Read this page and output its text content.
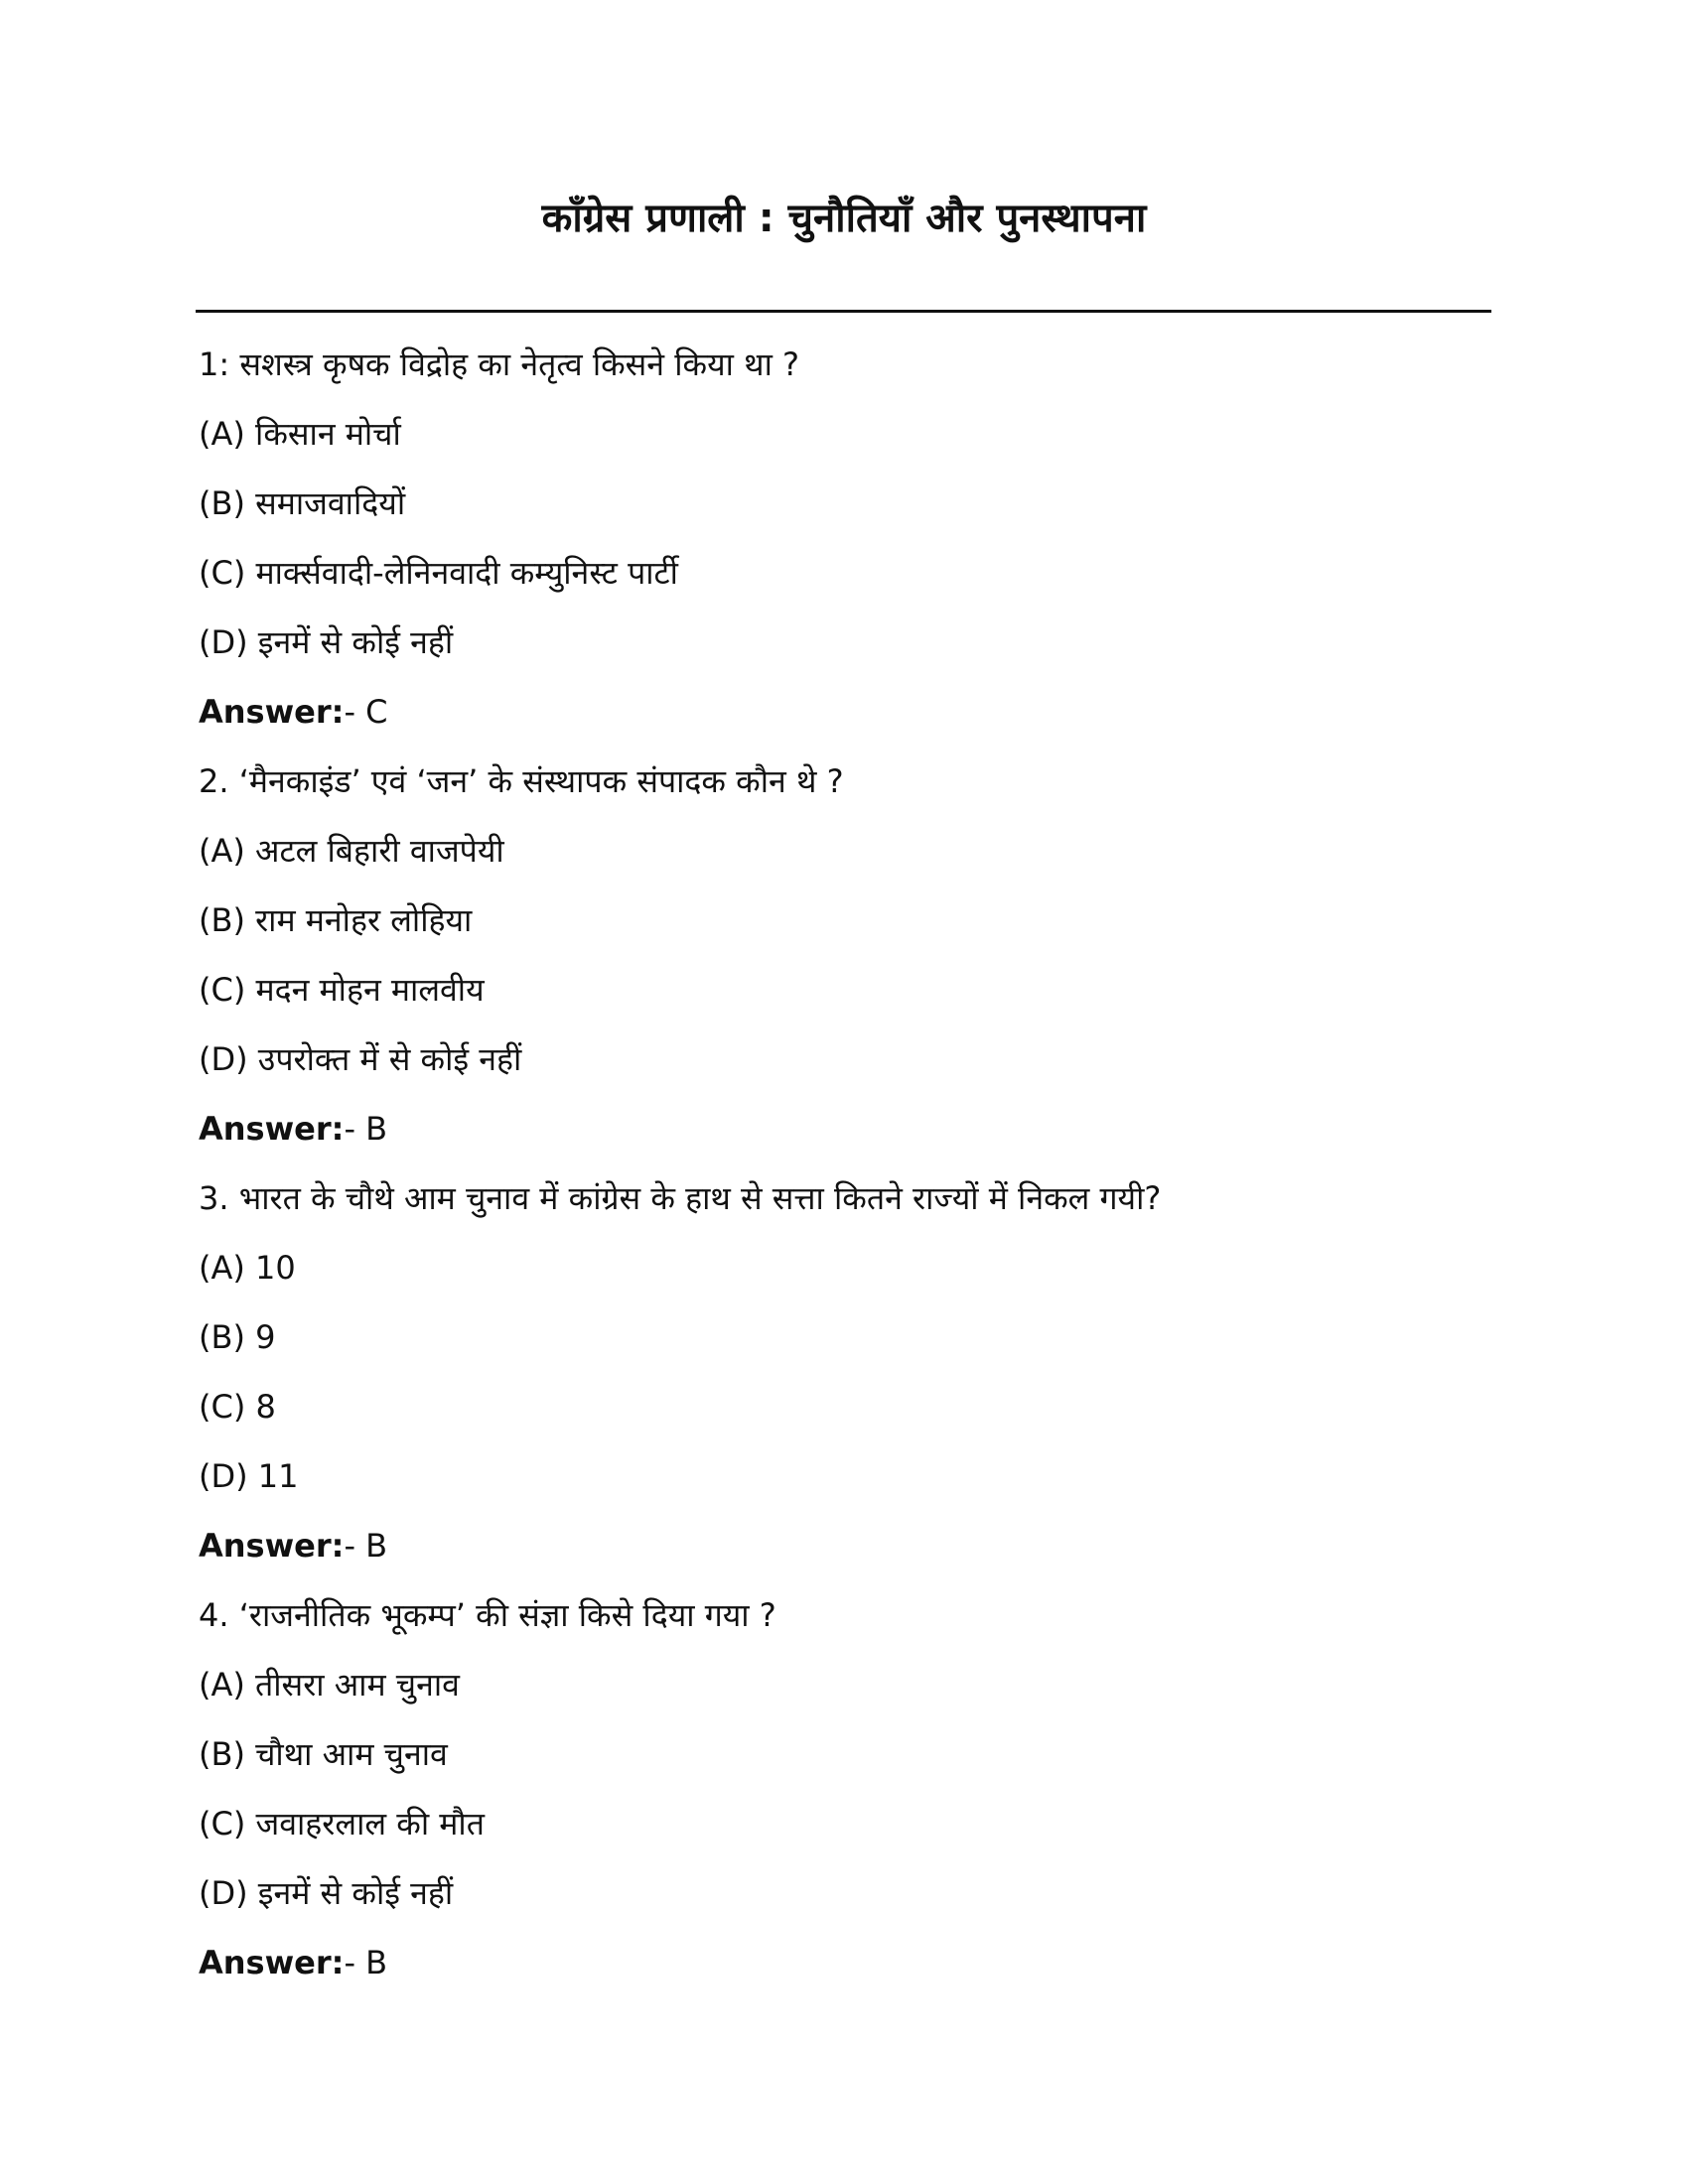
काँग्रेस प्रणाली : चुनौतियाँ और पुनस्थापना
1: सशस्त्र कृषक विद्रोह का नेतृत्व किसने किया था ?
(A) किसान मोर्चा
(B) समाजवादियों
(C) मार्क्सवादी-लेनिनवादी कम्युनिस्ट पार्टी
(D) इनमें से कोई नहीं
Answer:- C
2. ‘मैनकाइंड’ एवं ‘जन’ के संस्थापक संपादक कौन थे ?
(A) अटल बिहारी वाजपेयी
(B) राम मनोहर लोहिया
(C) मदन मोहन मालवीय
(D) उपरोक्त में से कोई नहीं
Answer:- B
3. भारत के चौथे आम चुनाव में कांग्रेस के हाथ से सत्ता कितने राज्यों में निकल गयी?
(A) 10
(B) 9
(C) 8
(D) 11
Answer:- B
4. ‘राजनीतिक भूकम्प’ की संज्ञा किसे दिया गया ?
(A) तीसरा आम चुनाव
(B) चौथा आम चुनाव
(C) जवाहरलाल की मौत
(D) इनमें से कोई नहीं
Answer:- B
